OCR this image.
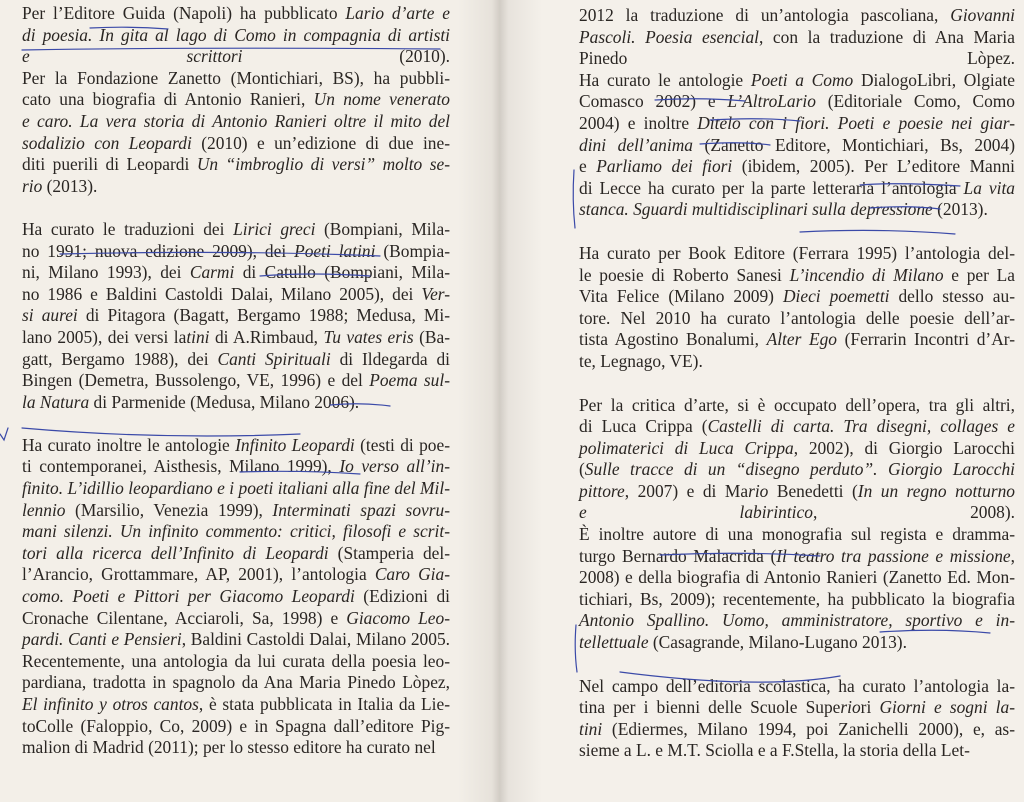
Per l’Editore Guida (Napoli) ha pubblicato Lario d’arte e
di poesia. In gita al lago di Como in compagnia di artisti
e scrittori (2010).
Per la Fondazione Zanetto (Montichiari, BS), ha pubbli-
cato una biografia di Antonio Ranieri, Un nome venerato
e caro. La vera storia di Antonio Ranieri oltre il mito del
sodalizio con Leopardi (2010) e un’edizione di due ine-
diti puerili di Leopardi Un “imbroglio di versi” molto se-
rio (2013).

Ha curato le traduzioni dei Lirici greci (Bompiani, Mila-
no 1991; nuova edizione 2009), dei Poeti latini (Bompia-
ni, Milano 1993), dei Carmi di Catullo (Bompiani, Mila-
no 1986 e Baldini Castoldi Dalai, Milano 2005), dei Ver-
si aurei di Pitagora (Bagatt, Bergamo 1988; Medusa, Mi-
lano 2005), dei versi latini di A.Rimbaud, Tu vates eris (Ba-
gatt, Bergamo 1988), dei Canti Spirituali di Ildegarda di
Bingen (Demetra, Bussolengo, VE, 1996) e del Poema sul-
la Natura di Parmenide (Medusa, Milano 2006).

Ha curato inoltre le antologie Infinito Leopardi (testi di poe-
ti contemporanei, Aisthesis, Milano 1999), Io verso all’in-
finito. L’idillio leopardiano e i poeti italiani alla fine del Mil-
lennio (Marsilio, Venezia 1999), Interminati spazi sovru-
mani silenzi. Un infinito commento: critici, filosofi e scrit-
tori alla ricerca dell’Infinito di Leopardi (Stamperia del-
l’Arancio, Grottammare, AP, 2001), l’antologia Caro Gia-
como. Poeti e Pittori per Giacomo Leopardi (Edizioni di
Cronache Cilentane, Acciaroli, Sa, 1998) e Giacomo Leo-
pardi. Canti e Pensieri, Baldini Castoldi Dalai, Milano 2005.
Recentemente, una antologia da lui curata della poesia leo-
pardiana, tradotta in spagnolo da Ana Maria Pinedo Lòpez,
El infinito y otros cantos, è stata pubblicata in Italia da Lie-
toColle (Faloppio, Co, 2009) e in Spagna dall’editore Pig-
malion di Madrid (2011); per lo stesso editore ha curato nel

2012 la traduzione di un’antologia pascoliana, Giovanni
Pascoli. Poesia esencial, con la traduzione di Ana Maria
Pinedo Lòpez.
Ha curato le antologie Poeti a Como DialogoLibri, Olgiate
Comasco 2002) e L’AltroLario (Editoriale Como, Como
2004) e inoltre Ditelo con i fiori. Poeti e poesie nei giar-
dini dell’anima (Zanetto Editore, Montichiari, Bs, 2004)
e Parliamo dei fiori (ibidem, 2005). Per L’editore Manni
di Lecce ha curato per la parte letteraria l’antologia La vita
stanca. Sguardi multidisciplinari sulla depressione (2013).

Ha curato per Book Editore (Ferrara 1995) l’antologia del-
le poesie di Roberto Sanesi L’incendio di Milano e per La
Vita Felice (Milano 2009) Dieci poemetti dello stesso au-
tore. Nel 2010 ha curato l’antologia delle poesie dell’ar-
tista Agostino Bonalumi, Alter Ego (Ferrarin Incontri d’Ar-
te, Legnago, VE).

Per la critica d’arte, si è occupato dell’opera, tra gli altri,
di Luca Crippa (Castelli di carta. Tra disegni, collages e
polimaterici di Luca Crippa, 2002), di Giorgio Larocchi
(Sulle tracce di un “disegno perduto”. Giorgio Larocchi
pittore, 2007) e di Mario Benedetti (In un regno notturno
e labirintico, 2008).
È inoltre autore di una monografia sul regista e dramma-
turgo Bernardo Malacrida (Il teatro tra passione e missione,
2008) e della biografia di Antonio Ranieri (Zanetto Ed. Mon-
tichiari, Bs, 2009); recentemente, ha pubblicato la biografia
Antonio Spallino. Uomo, amministratore, sportivo e in-
tellettuale (Casagrande, Milano-Lugano 2013).

Nel campo dell’editoria scolastica, ha curato l’antologia la-
tina per i bienni delle Scuole Superiori Giorni e sogni la-
tini (Ediermes, Milano 1994, poi Zanichelli 2000), e, as-
sieme a L. e M.T. Sciolla e a F.Stella, la storia della Let-
